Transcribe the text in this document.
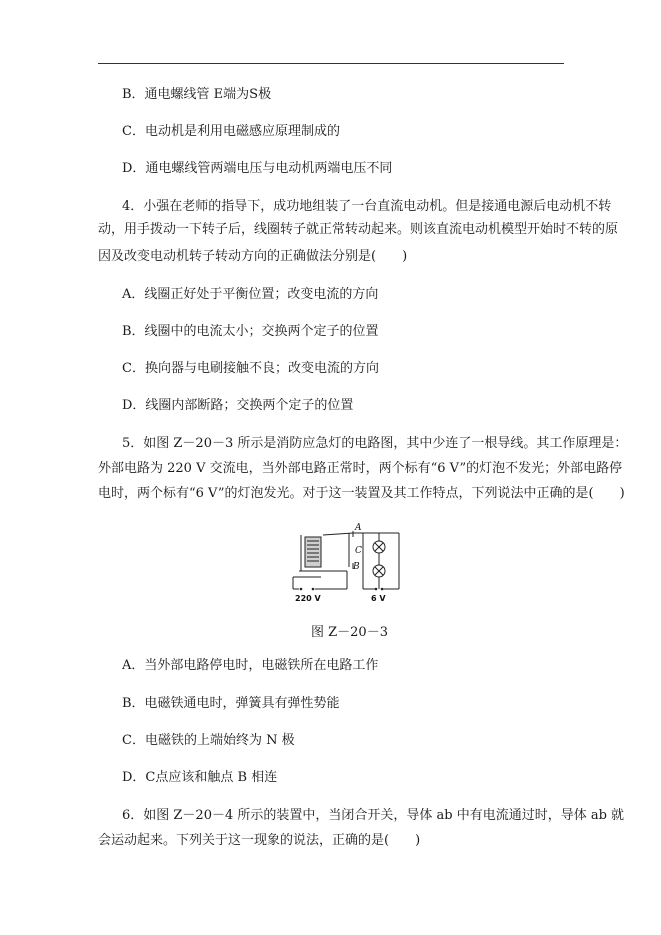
B．通电螺线管 E端为S极
C．电动机是利用电磁感应原理制成的
D．通电螺线管两端电压与电动机两端电压不同
4．小强在老师的指导下，成功地组装了一台直流电动机。但是接通电源后电动机不转
动，用手拨动一下转子后，线圈转子就正常转动起来。则该直流电动机模型开始时不转的原
因及改变电动机转子转动方向的正确做法分别是(　　)
A．线圈正好处于平衡位置；改变电流的方向
B．线圈中的电流太小；交换两个定子的位置
C．换向器与电刷接触不良；改变电流的方向
D．线圈内部断路；交换两个定子的位置
5．如图 Z－20－3 所示是消防应急灯的电路图，其中少连了一根导线。其工作原理是：
外部电路为 220 V 交流电，当外部电路正常时，两个标有“6 V”的灯泡不发光；外部电路停
电时，两个标有“6 V”的灯泡发光。对于这一装置及其工作特点，下列说法中正确的是(　　)
A
C
B
220 V	6 V
图 Z－20－3
A．当外部电路停电时，电磁铁所在电路工作
B．电磁铁通电时，弹簧具有弹性势能
C．电磁铁的上端始终为 N 极
D．C点应该和触点 B 相连
6．如图 Z－20－4 所示的装置中，当闭合开关，导体 ab 中有电流通过时，导体 ab 就
会运动起来。下列关于这一现象的说法，正确的是(　　)
